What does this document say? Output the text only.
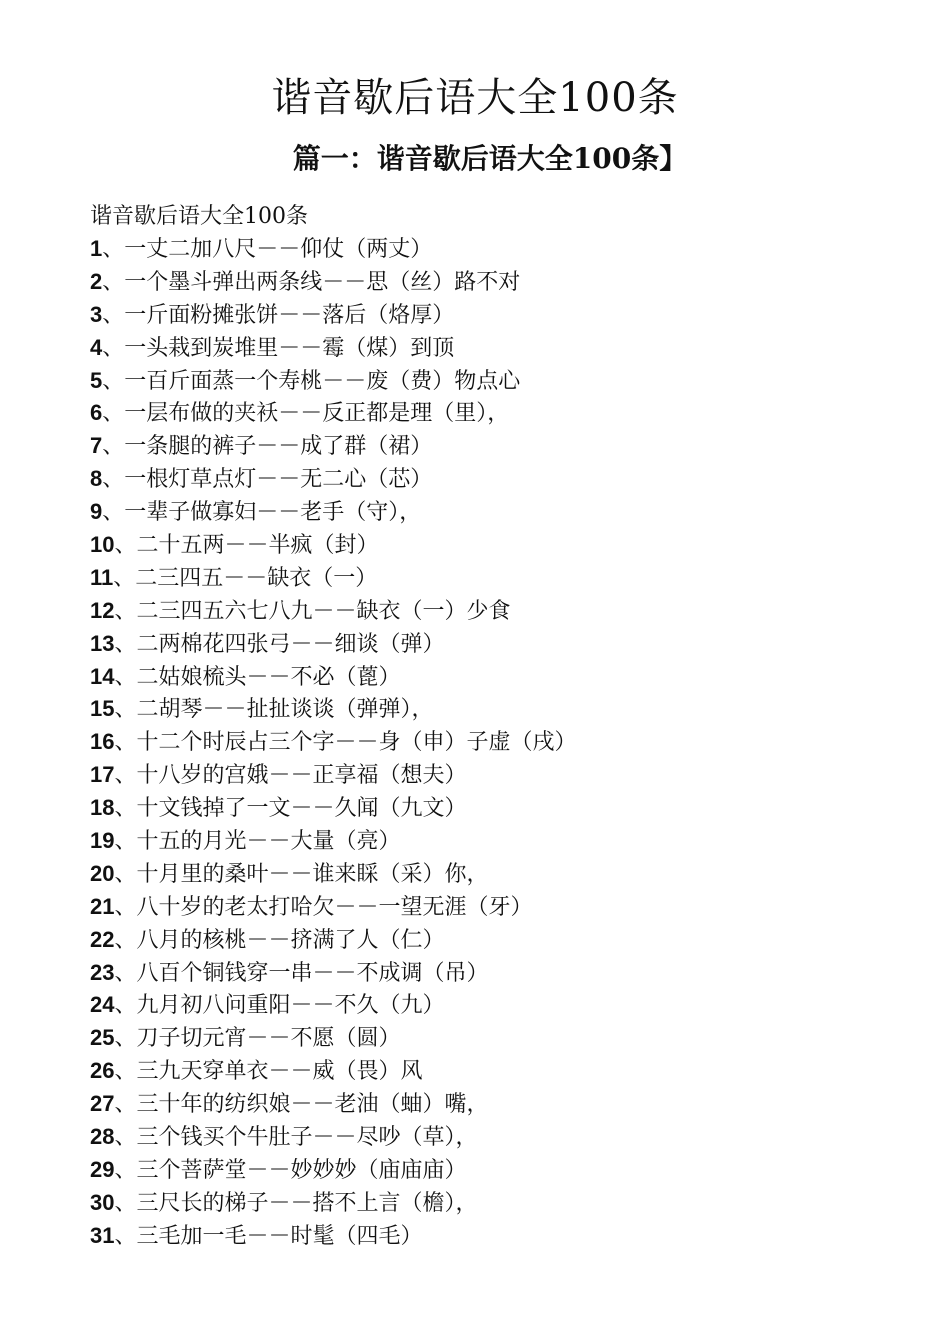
谐音歇后语大全100条
篇一：谐音歇后语大全100条】
谐音歇后语大全100条
1、一丈二加八尺－－仰仗（两丈）
2、一个墨斗弹出两条线－－思（丝）路不对
3、一斤面粉摊张饼－－落后（烙厚）
4、一头栽到炭堆里－－霉（煤）到顶
5、一百斤面蒸一个寿桃－－废（费）物点心
6、一层布做的夹袄－－反正都是理（里），
7、一条腿的裤子－－成了群（裙）
8、一根灯草点灯－－无二心（芯）
9、一辈子做寡妇－－老手（守），
10、二十五两－－半疯（封）
11、二三四五－－缺衣（一）
12、二三四五六七八九－－缺衣（一）少食
13、二两棉花四张弓－－细谈（弹）
14、二姑娘梳头－－不必（蓖）
15、二胡琴－－扯扯谈谈（弹弹），
16、十二个时辰占三个字－－身（申）子虚（戌）
17、十八岁的宫娥－－正享福（想夫）
18、十文钱掉了一文－－久闻（九文）
19、十五的月光－－大量（亮）
20、十月里的桑叶－－谁来睬（采）你，
21、八十岁的老太打哈欠－－一望无涯（牙）
22、八月的核桃－－挤满了人（仁）
23、八百个铜钱穿一串－－不成调（吊）
24、九月初八问重阳－－不久（九）
25、刀子切元宵－－不愿（圆）
26、三九天穿单衣－－威（畏）风
27、三十年的纺织娘－－老油（蚰）嘴，
28、三个钱买个牛肚子－－尽吵（草），
29、三个菩萨堂－－妙妙妙（庙庙庙）
30、三尺长的梯子－－搭不上言（檐），
31、三毛加一毛－－时髦（四毛）
